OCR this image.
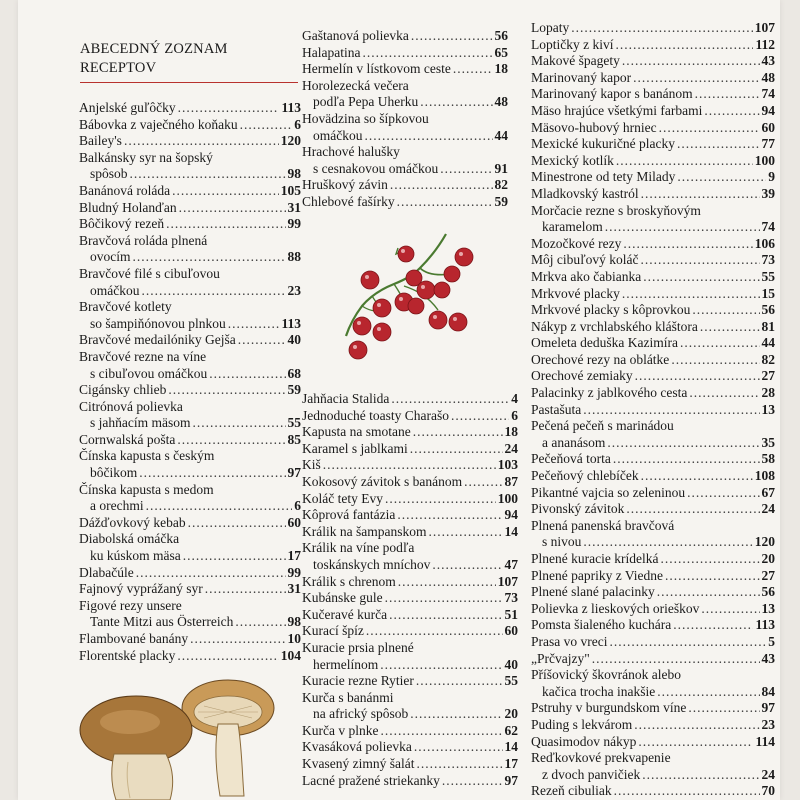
ABECEDNÝ ZOZNAM RECEPTOV
Anjelské guľôčky .....	113
Bábovka z vaječného koňaku .....	6
Bailey's .....	120
Balkánsky syr na šopský
spôsob .....	98
Banánová roláda .....	105
Bludný Holanďan .....	31
Bôčikový rezeň .....	99
Bravčová roláda plnená
ovocím .....	88
Bravčové filé s cibuľovou
omáčkou .....	23
Bravčové kotlety
so šampiňónovou plnkou .....	113
Bravčové medailóniky Gejša .....	40
Bravčové rezne na víne
s cibuľovou omáčkou .....	68
Cigánsky chlieb .....	59
Citrónová polievka
s jahňacím mäsom .....	55
Cornwalská pošta .....	85
Čínska kapusta s českým
bôčikom .....	97
Čínska kapusta s medom
a orechmi .....	6
Dážďovkový kebab .....	60
Diabolská omáčka
ku kúskom mäsa .....	17
Dlabačúle .....	99
Fajnový vyprážaný syr .....	31
Figové rezy unsere
Tante Mitzi aus Österreich .....	98
Flambované banány .....	10
Florentské placky .....	104
Gaštanová polievka .....	56
Halapatina .....	65
Hermelín v lístkovom ceste .....	18
Horolezecká večera
podľa Pepa Uherku .....	48
Hovädzina so šípkovou
omáčkou .....	44
Hrachové halušky
s cesnakovou omáčkou .....	91
Hruškový závin .....	82
Chlebové fašírky .....	59
Jahňacia Stalida .....	4
Jednoduché toasty Charašo .....	6
Kapusta na smotane .....	18
Karamel s jablkami .....	24
Kiš .....	103
Kokosový závitok s banánom .....	87
Koláč tety Evy .....	100
Kôprová fantázia .....	94
Králik na šampanskom .....	14
Králik na víne podľa
toskánskych mníchov .....	47
Králik s chrenom .....	107
Kubánske gule .....	73
Kučeravé kurča .....	51
Kurací špíz .....	60
Kuracie prsia plnené
hermelínom .....	40
Kuracie rezne Rytier .....	55
Kurča s banánmi
na africký spôsob .....	20
Kurča v plnke .....	62
Kvasáková polievka .....	14
Kvasený zimný šalát .....	17
Lacné pražené striekanky .....	97
Lopaty .....	107
Loptičky z kiví .....	112
Makové špagety .....	43
Marinovaný kapor .....	48
Marinovaný kapor s banánom .....	74
Mäso hrajúce všetkými farbami .....	94
Mäsovo-hubový hrniec .....	60
Mexické kukuričné placky .....	77
Mexický kotlík .....	100
Minestrone od tety Milady .....	9
Mladkovský kastról .....	39
Morčacie rezne s broskyňovým
karamelom .....	74
Mozočkové rezy .....	106
Môj cibuľový koláč .....	73
Mrkva ako čabianka .....	55
Mrkvové placky .....	15
Mrkvové placky s kôprovkou .....	56
Nákyp z vrchlabského kláštora .....	81
Omeleta deduška Kazimíra .....	44
Orechové rezy na oblátke .....	82
Orechové zemiaky .....	27
Palacinky z jablkového cesta .....	28
Pastašuta .....	13
Pečená pečeň s marinádou
a ananásom .....	35
Pečeňová torta .....	58
Pečeňový chlebíček .....	108
Pikantné vajcia so zeleninou .....	67
Pivonský závitok .....	24
Plnená panenská bravčová
s nivou .....	120
Plnené kuracie krídelká .....	20
Plnené papriky z Viedne .....	27
Plnené slané palacinky .....	56
Polievka z lieskových orieškov .....	13
Pomsta šialeného kuchára .....	113
Prasa vo vreci .....	5
„Prčvajzy" .....	43
Příšovický škovránok alebo
kačica trocha inakšie .....	84
Pstruhy v burgundskom víne .....	97
Puding s lekvárom .....	23
Quasimodov nákyp .....	114
Reďkovkové prekvapenie
z dvoch panvičiek .....	24
Rezeň cibuliak .....	70
